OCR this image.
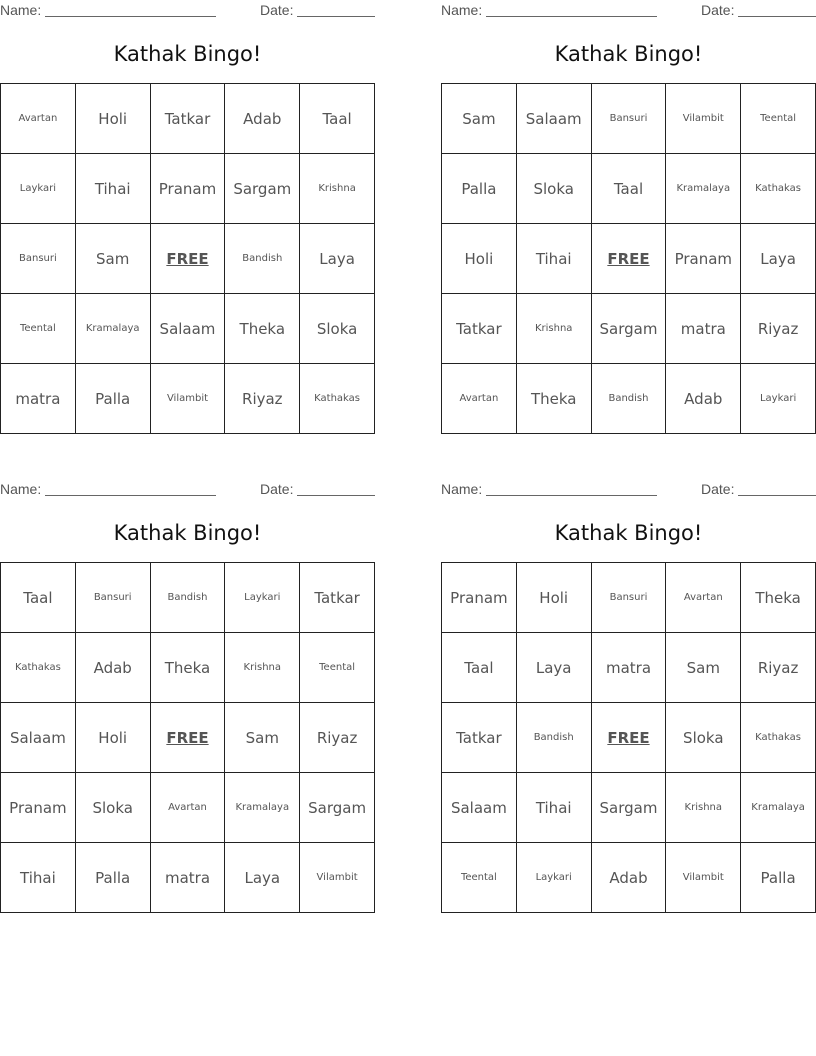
Name:	Date:
Kathak Bingo!
Avartan	Holi	Tatkar	Adab	Taal
Laykari	Tihai	Pranam	Sargam	Krishna
Bansuri	Sam	FREE	Bandish	Laya
Teental	Kramalaya	Salaam	Theka	Sloka
matra	Palla	Vilambit	Riyaz	Kathakas
Name:	Date:
Kathak Bingo!
Sam	Salaam	Bansuri	Vilambit	Teental
Palla	Sloka	Taal	Kramalaya	Kathakas
Holi	Tihai	FREE	Pranam	Laya
Tatkar	Krishna	Sargam	matra	Riyaz
Avartan	Theka	Bandish	Adab	Laykari
Name:	Date:
Kathak Bingo!
Taal	Bansuri	Bandish	Laykari	Tatkar
Kathakas	Adab	Theka	Krishna	Teental
Salaam	Holi	FREE	Sam	Riyaz
Pranam	Sloka	Avartan	Kramalaya	Sargam
Tihai	Palla	matra	Laya	Vilambit
Name:	Date:
Kathak Bingo!
Pranam	Holi	Bansuri	Avartan	Theka
Taal	Laya	matra	Sam	Riyaz
Tatkar	Bandish	FREE	Sloka	Kathakas
Salaam	Tihai	Sargam	Krishna	Kramalaya
Teental	Laykari	Adab	Vilambit	Palla
